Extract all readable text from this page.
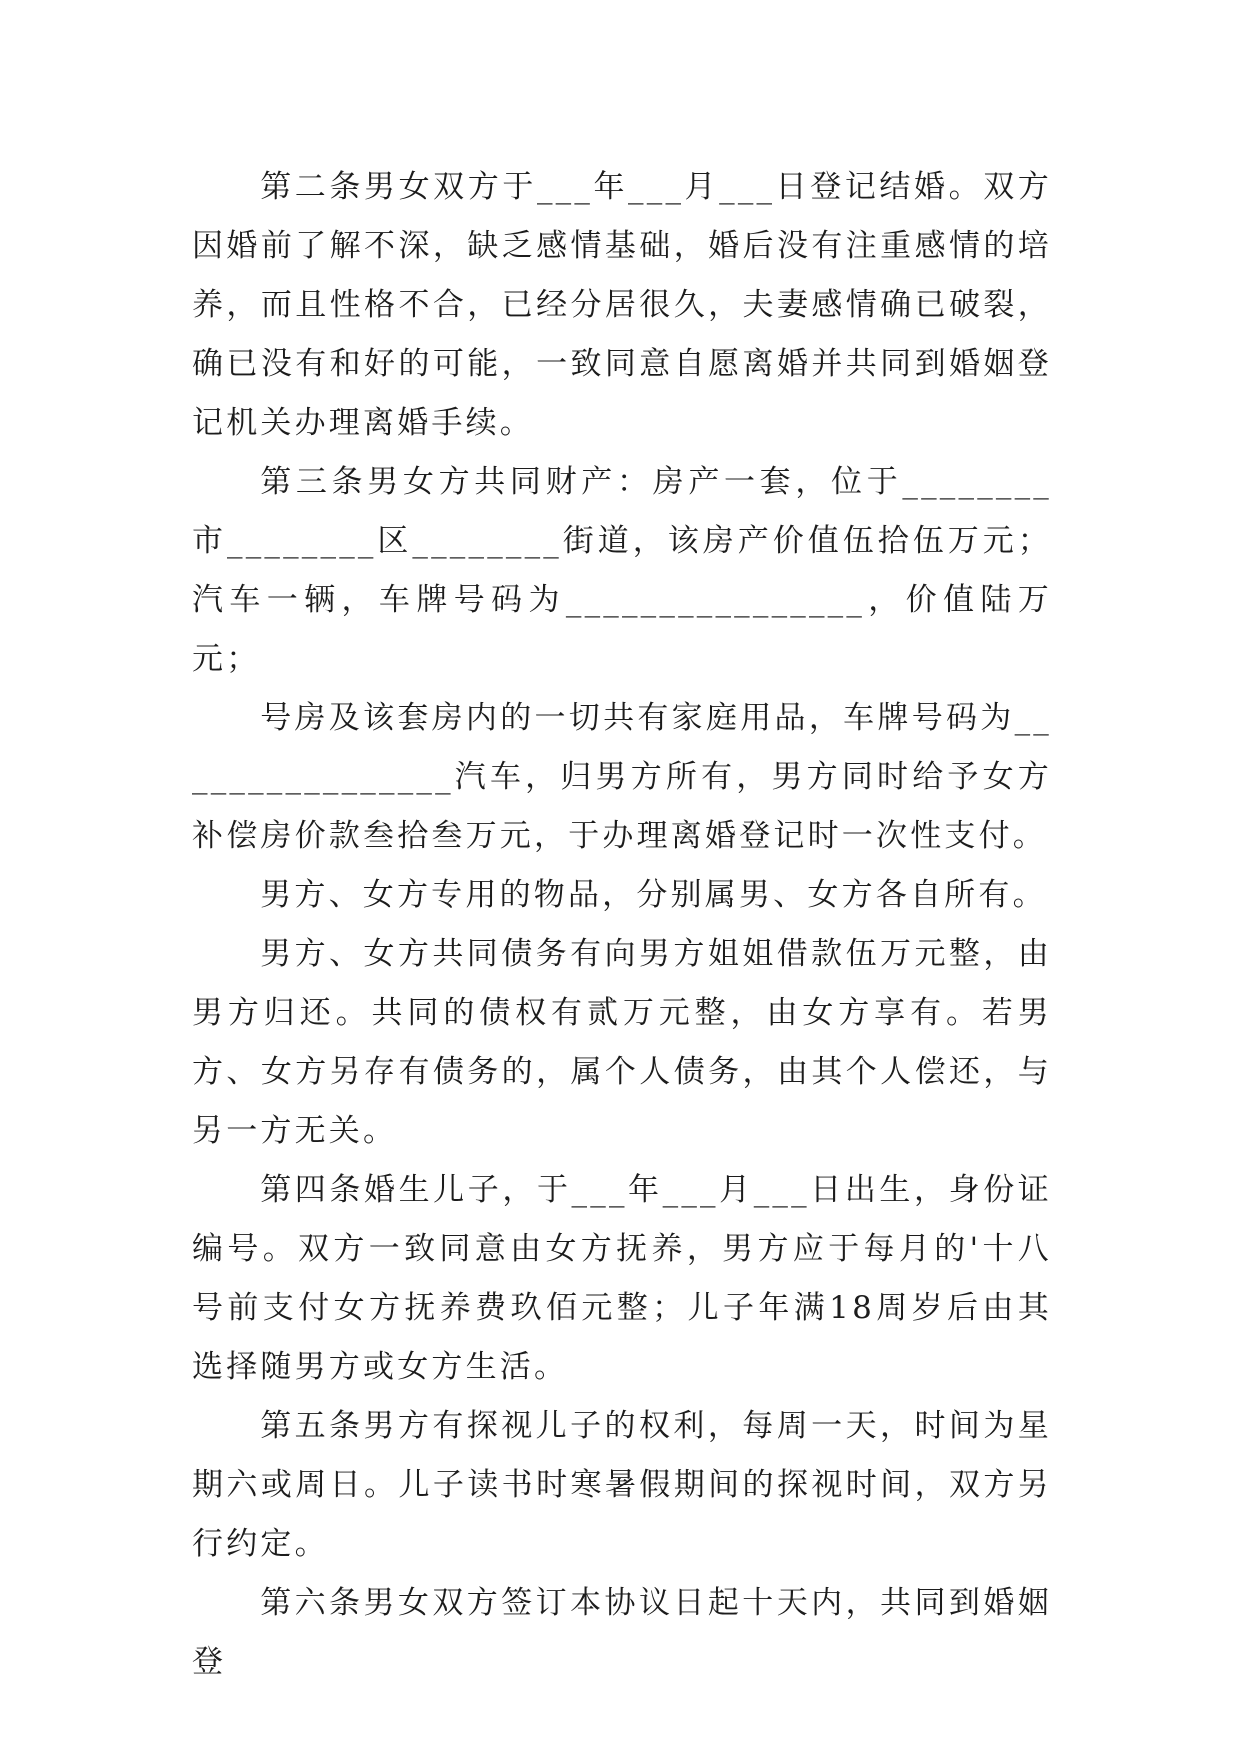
第二条男女双方于___年___月___日登记结婚。双方因婚前了解不深，缺乏感情基础，婚后没有注重感情的培养，而且性格不合，已经分居很久，夫妻感情确已破裂，确已没有和好的可能，一致同意自愿离婚并共同到婚姻登记机关办理离婚手续。

第三条男女方共同财产：房产一套，位于________市________区________街道，该房产价值伍拾伍万元；汽车一辆，车牌号码为________________，价值陆万元；

号房及该套房内的一切共有家庭用品，车牌号码为________________汽车，归男方所有，男方同时给予女方补偿房价款叁拾叁万元，于办理离婚登记时一次性支付。

男方、女方专用的物品，分别属男、女方各自所有。

男方、女方共同债务有向男方姐姐借款伍万元整，由男方归还。共同的债权有贰万元整，由女方享有。若男方、女方另存有债务的，属个人债务，由其个人偿还，与另一方无关。

第四条婚生儿子，于___年___月___日出生，身份证编号。双方一致同意由女方抚养，男方应于每月的'十八号前支付女方抚养费玖佰元整；儿子年满18周岁后由其选择随男方或女方生活。

第五条男方有探视儿子的权利，每周一天，时间为星期六或周日。儿子读书时寒暑假期间的探视时间，双方另行约定。

第六条男女双方签订本协议日起十天内，共同到婚姻登
